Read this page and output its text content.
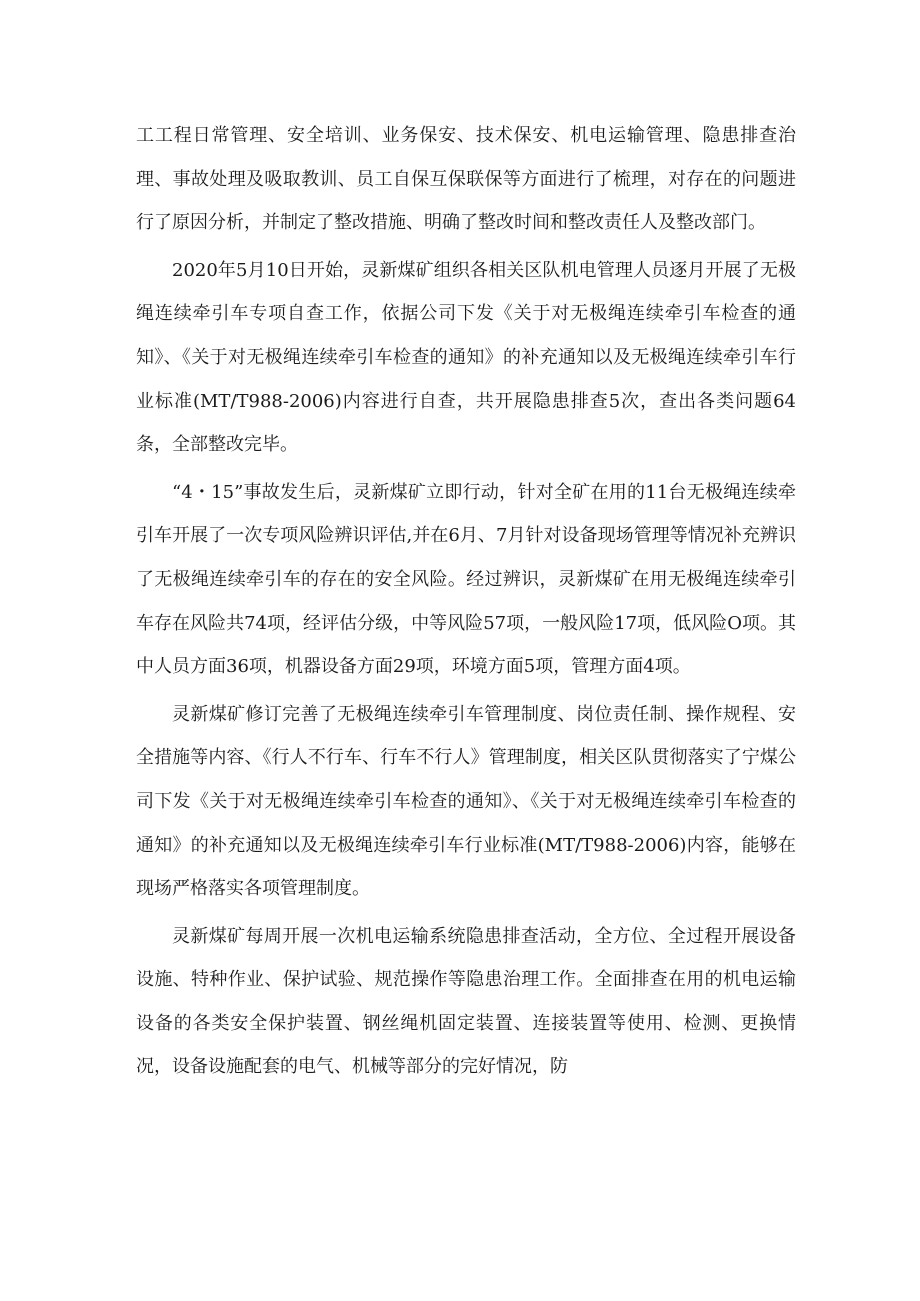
工工程日常管理、安全培训、业务保安、技术保安、机电运输管理、隐患排查治理、事故处理及吸取教训、员工自保互保联保等方面进行了梳理，对存在的问题进行了原因分析，并制定了整改措施、明确了整改时间和整改责任人及整改部门。

2020年5月10日开始，灵新煤矿组织各相关区队机电管理人员逐月开展了无极绳连续牵引车专项自查工作，依据公司下发《关于对无极绳连续牵引车检查的通知》、《关于对无极绳连续牵引车检查的通知》的补充通知以及无极绳连续牵引车行业标准(MT/T988-2006)内容进行自查，共开展隐患排查5次，查出各类问题64条，全部整改完毕。

“4・15”事故发生后，灵新煤矿立即行动，针对全矿在用的11台无极绳连续牵引车开展了一次专项风险辨识评估,并在6月、7月针对设备现场管理等情况补充辨识了无极绳连续牵引车的存在的安全风险。经过辨识，灵新煤矿在用无极绳连续牵引车存在风险共74项，经评估分级，中等风险57项，一般风险17项，低风险O项。其中人员方面36项，机器设备方面29项，环境方面5项，管理方面4项。

灵新煤矿修订完善了无极绳连续牵引车管理制度、岗位责任制、操作规程、安全措施等内容、《行人不行车、行车不行人》管理制度，相关区队贯彻落实了宁煤公司下发《关于对无极绳连续牵引车检查的通知》、《关于对无极绳连续牵引车检查的通知》的补充通知以及无极绳连续牵引车行业标准(MT/T988-2006)内容，能够在现场严格落实各项管理制度。

灵新煤矿每周开展一次机电运输系统隐患排查活动，全方位、全过程开展设备设施、特种作业、保护试验、规范操作等隐患治理工作。全面排查在用的机电运输设备的各类安全保护装置、钢丝绳机固定装置、连接装置等使用、检测、更换情况，设备设施配套的电气、机械等部分的完好情况，防
